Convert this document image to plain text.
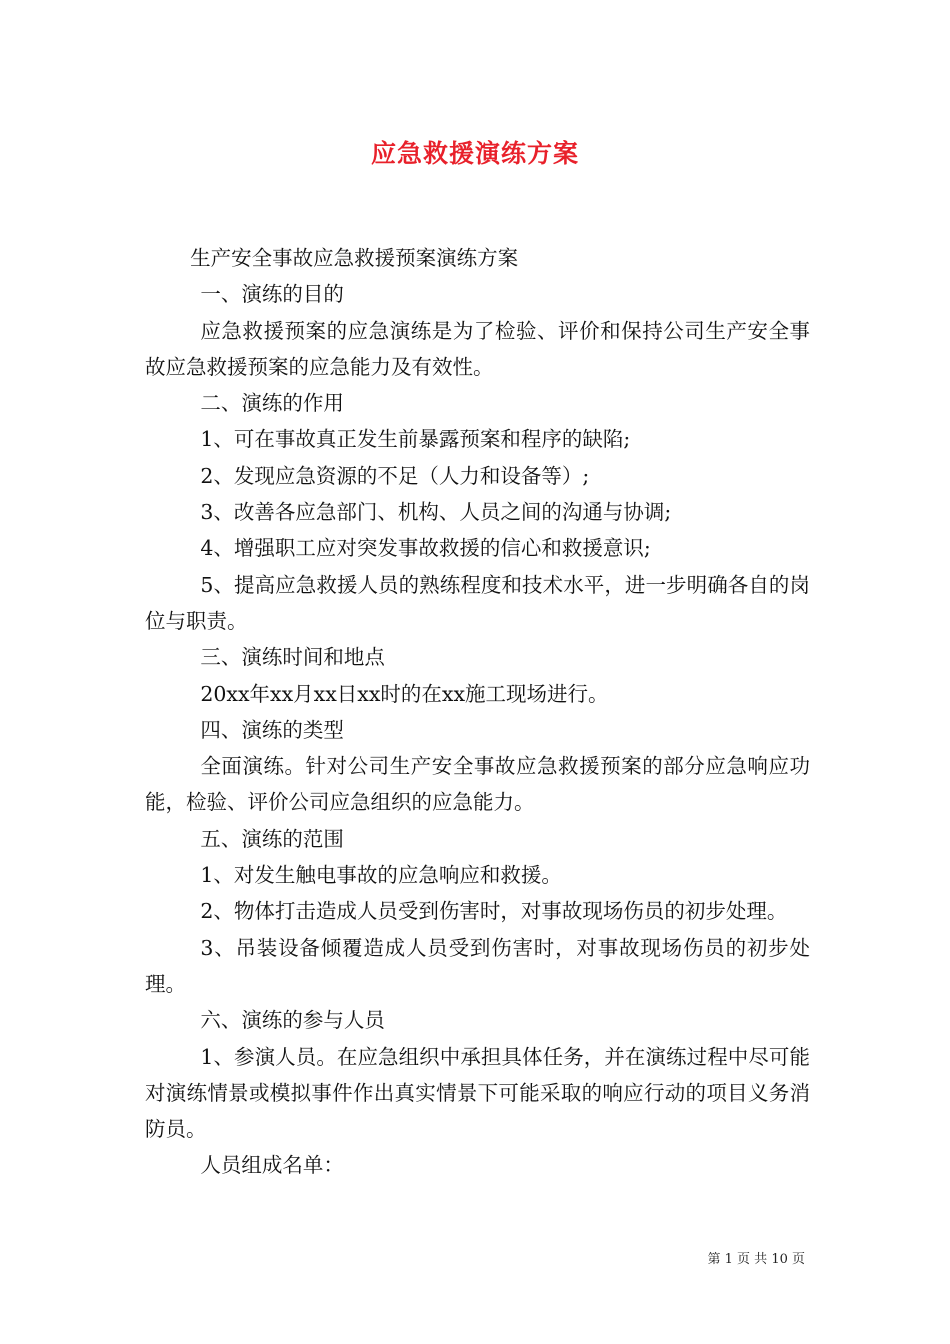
应急救援演练方案

生产安全事故应急救援预案演练方案

一、演练的目的

应急救援预案的应急演练是为了检验、评价和保持公司生产安全事故应急救援预案的应急能力及有效性。

二、演练的作用

1、可在事故真正发生前暴露预案和程序的缺陷;

2、发现应急资源的不足（人力和设备等）;

3、改善各应急部门、机构、人员之间的沟通与协调;

4、增强职工应对突发事故救援的信心和救援意识;

5、提高应急救援人员的熟练程度和技术水平，进一步明确各自的岗位与职责。

三、演练时间和地点

20xx年xx月xx日xx时的在xx施工现场进行。

四、演练的类型

全面演练。针对公司生产安全事故应急救援预案的部分应急响应功能，检验、评价公司应急组织的应急能力。

五、演练的范围

1、对发生触电事故的应急响应和救援。

2、物体打击造成人员受到伤害时，对事故现场伤员的初步处理。

3、吊装设备倾覆造成人员受到伤害时，对事故现场伤员的初步处理。

六、演练的参与人员

1、参演人员。在应急组织中承担具体任务，并在演练过程中尽可能对演练情景或模拟事件作出真实情景下可能采取的响应行动的项目义务消防员。

人员组成名单：

第 1 页 共 10 页
